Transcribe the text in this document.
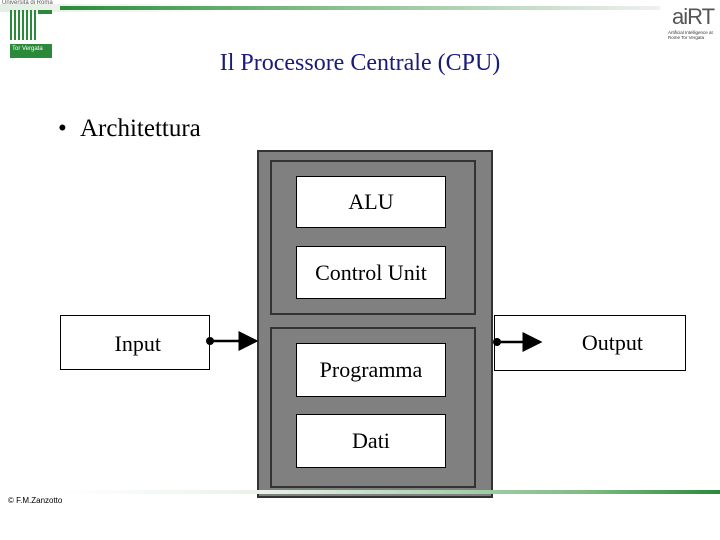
Università di Roma
Tor Vergata
aiRT
Artificial Intelligence at Rome Tor Vergata
Il Processore Centrale (CPU)
• Architettura
ALU
Control Unit
Programma
Dati
Input	Output
© F.M.Zanzotto
